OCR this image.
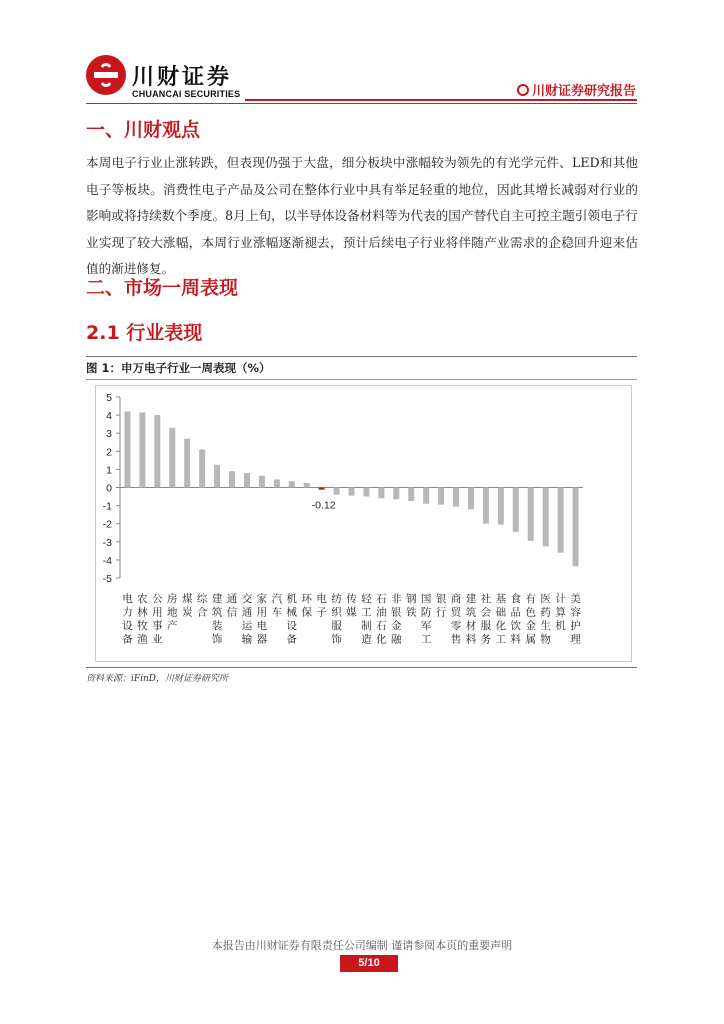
川财证券
CHUANCAI SECURITIES	川财证券研究报告
一、川财观点
本周电子行业止涨转跌，但表现仍强于大盘，细分板块中涨幅较为领先的有光学元件、LED和其他电子等板块。消费性电子产品及公司在整体行业中具有举足轻重的地位，因此其增长减弱对行业的影响或将持续数个季度。8月上旬，以半导体设备材料等为代表的国产替代自主可控主题引领电子行业实现了较大涨幅，本周行业涨幅逐渐褪去，预计后续电子行业将伴随产业需求的企稳回升迎来估值的渐进修复。
二、市场一周表现
2.1 行业表现
图 1：申万电子行业一周表现（%）
5
4
3
2
1
0
-1
-2
-3
-4
-5
电力设备
农林牧渔
公用事业
房地产
煤炭
综合
建筑装饰
通信
交通运输
家用电器
汽车
机械设备
环保
电子
纺织服饰
传媒
轻工制造
石油石化
非银金融
钢铁
国防军工
银行
商贸零售
建筑材料
社会服务
基础化工
食品饮料
有色金属
医药生物
计算机
美容护理
-0.12
资料来源：iFinD，川财证券研究所
本报告由川财证券有限责任公司编制 谨请参阅本页的重要声明
5/10
